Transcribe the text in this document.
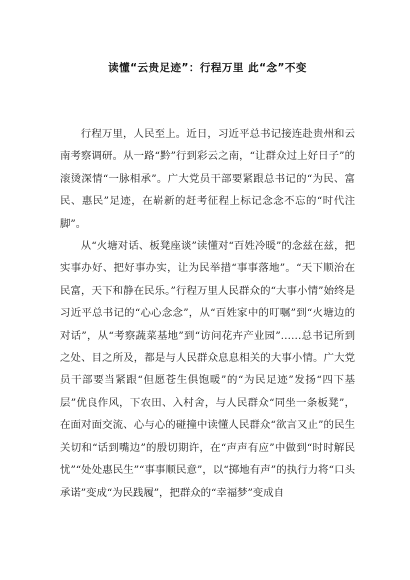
读懂“云贵足迹”：行程万里 此“念”不变

行程万里，人民至上。近日，习近平总书记接连赴贵州和云南考察调研。从一路“黔”行到彩云之南，“让群众过上好日子”的滚烫深情“一脉相承”。广大党员干部要紧跟总书记的“为民、富民、惠民”足迹，在崭新的赶考征程上标记念念不忘的“时代注脚”。

从“火塘对话、板凳座谈”读懂对“百姓冷暖”的念兹在兹，把实事办好、把好事办实，让为民举措“事事落地”。“天下顺治在民富，天下和静在民乐。”行程万里人民群众的“大事小情”始终是习近平总书记的“心心念念”，从“百姓家中的叮嘱”到“火塘边的对话”，从“考察蔬菜基地”到“访问花卉产业园”……总书记所到之处、目之所及，都是与人民群众息息相关的大事小情。广大党员干部要当紧跟“但愿苍生俱饱暖”的“为民足迹”发扬“四下基层”优良作风，下农田、入村舍，与人民群众“同坐一条板凳”，在面对面交流、心与心的碰撞中读懂人民群众“欲言又止”的民生关切和“话到嘴边”的殷切期许，在“声声有应”中做到“时时解民忧”“处处惠民生”“事事顺民意”，以“掷地有声”的执行力将“口头承诺”变成“为民践履”，把群众的“幸福梦”变成自
